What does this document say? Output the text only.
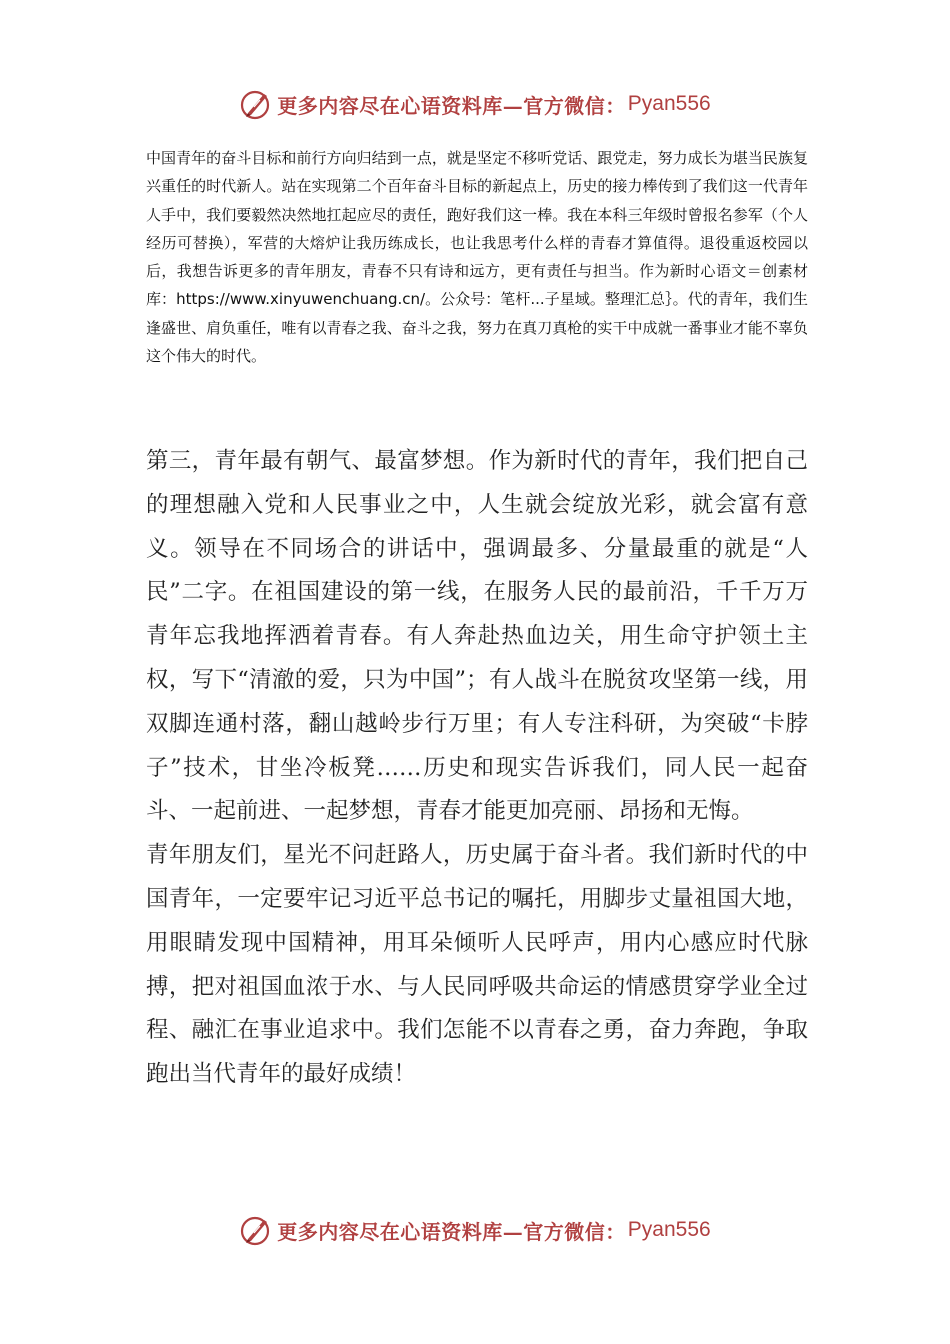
更多内容尽在心语资料库—官方微信： Pyan556
中国青年的奋斗目标和前行方向归结到一点，就是坚定不移听党话、跟党走，努力成长为堪当民族复兴重任的时代新人。站在实现第二个百年奋斗目标的新起点上，历史的接力棒传到了我们这一代青年人手中，我们要毅然决然地扛起应尽的责任，跑好我们这一棒。我在本科三年级时曾报名参军（个人经历可替换），军营的大熔炉让我历练成长，也让我思考什么样的青春才算值得。退役重返校园以后，我想告诉更多的青年朋友，青春不只有诗和远方，更有责任与担当。作为新时心语文＝创素材库：https://www.xinyuwenchuang.cn/。公众号：笔杆...子星域。整理汇总｝。代的青年，我们生逢盛世、肩负重任，唯有以青春之我、奋斗之我，努力在真刀真枪的实干中成就一番事业才能不辜负这个伟大的时代。

第三，青年最有朝气、最富梦想。作为新时代的青年，我们把自己的理想融入党和人民事业之中，人生就会绽放光彩，就会富有意义。领导在不同场合的讲话中，强调最多、分量最重的就是“人民”二字。在祖国建设的第一线，在服务人民的最前沿，千千万万青年忘我地挥洒着青春。有人奔赴热血边关，用生命守护领土主权，写下“清澈的爱，只为中国”；有人战斗在脱贫攻坚第一线，用双脚连通村落，翻山越岭步行万里；有人专注科研，为突破“卡脖子”技术，甘坐冷板凳……历史和现实告诉我们，同人民一起奋斗、一起前进、一起梦想，青春才能更加亮丽、昂扬和无悔。

青年朋友们，星光不问赶路人，历史属于奋斗者。我们新时代的中国青年，一定要牢记习近平总书记的嘱托，用脚步丈量祖国大地，用眼睛发现中国精神，用耳朵倾听人民呼声，用内心感应时代脉搏，把对祖国血浓于水、与人民同呼吸共命运的情感贯穿学业全过程、融汇在事业追求中。我们怎能不以青春之勇，奋力奔跑，争取跑出当代青年的最好成绩！

更多内容尽在心语资料库—官方微信： Pyan556
